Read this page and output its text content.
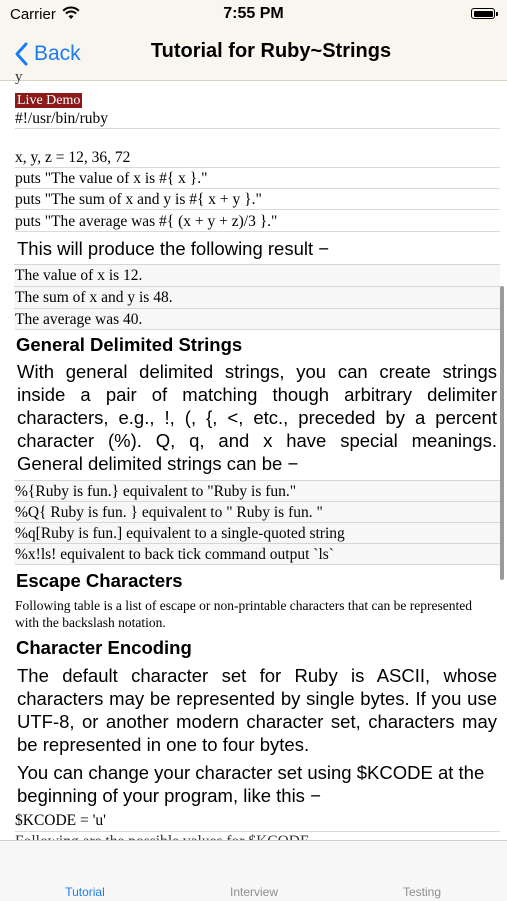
Carrier	7:55 PM
Back	Tutorial for Ruby~Strings
y
Live Demo
#!/usr/bin/ruby
x, y, z = 12, 36, 72
puts "The value of x is #{ x }."
puts "The sum of x and y is #{ x + y }."
puts "The average was #{ (x + y + z)/3 }."
This will produce the following result −
The value of x is 12.
The sum of x and y is 48.
The average was 40.
General Delimited Strings
With general delimited strings, you can create strings inside a pair of matching though arbitrary delimiter characters, e.g., !, (, {, <, etc., preceded by a percent character (%). Q, q, and x have special meanings. General delimited strings can be −
%{Ruby is fun.} equivalent to "Ruby is fun."
%Q{ Ruby is fun. } equivalent to " Ruby is fun. "
%q[Ruby is fun.] equivalent to a single-quoted string
%x!ls! equivalent to back tick command output `ls`
Escape Characters
Following table is a list of escape or non-printable characters that can be represented with the backslash notation.
Character Encoding
The default character set for Ruby is ASCII, whose characters may be represented by single bytes. If you use UTF-8, or another modern character set, characters may be represented in one to four bytes.
You can change your character set using $KCODE at the beginning of your program, like this −
$KCODE = 'u'
Tutorial	Interview	Testing
